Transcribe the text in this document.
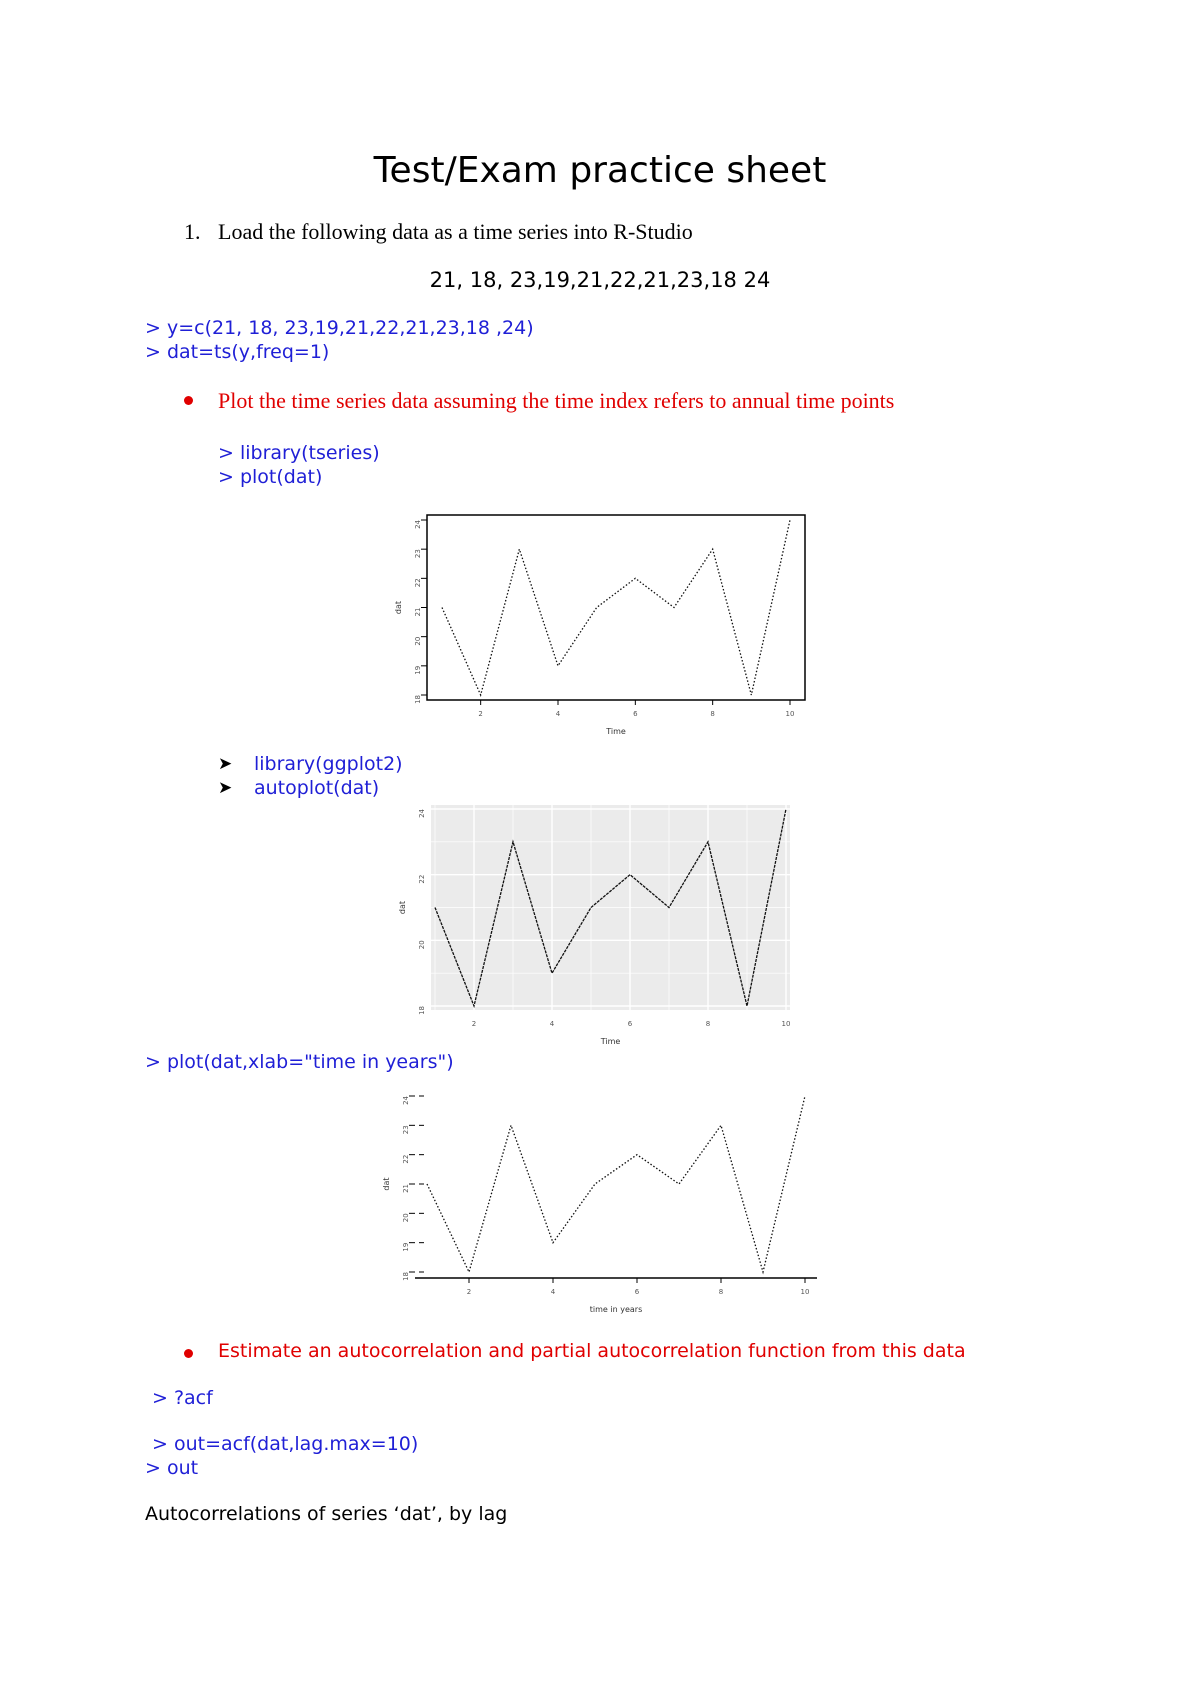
Test/Exam practice sheet
1. Load the following data as a time series into R-Studio
21, 18, 23,19,21,22,21,23,18 24
> y=c(21, 18, 23,19,21,22,21,23,18 ,24)
> dat=ts(y,freq=1)
Plot the time series data assuming the time index refers to annual time points
> library(tseries)
> plot(dat)
18
19
20
21
22
23
24
2	4	6	8	10
Time
dat
➤ library(ggplot2)
➤ autoplot(dat)
18
20
22
24
2	4	6	8	10
Time
dat
> plot(dat,xlab="time in years")
18
19
20
21
22
23
24
2	4	6	8	10
time in years
dat
Estimate an autocorrelation and partial autocorrelation function from this data
> ?acf
> out=acf(dat,lag.max=10)
> out
Autocorrelations of series ‘dat’, by lag
